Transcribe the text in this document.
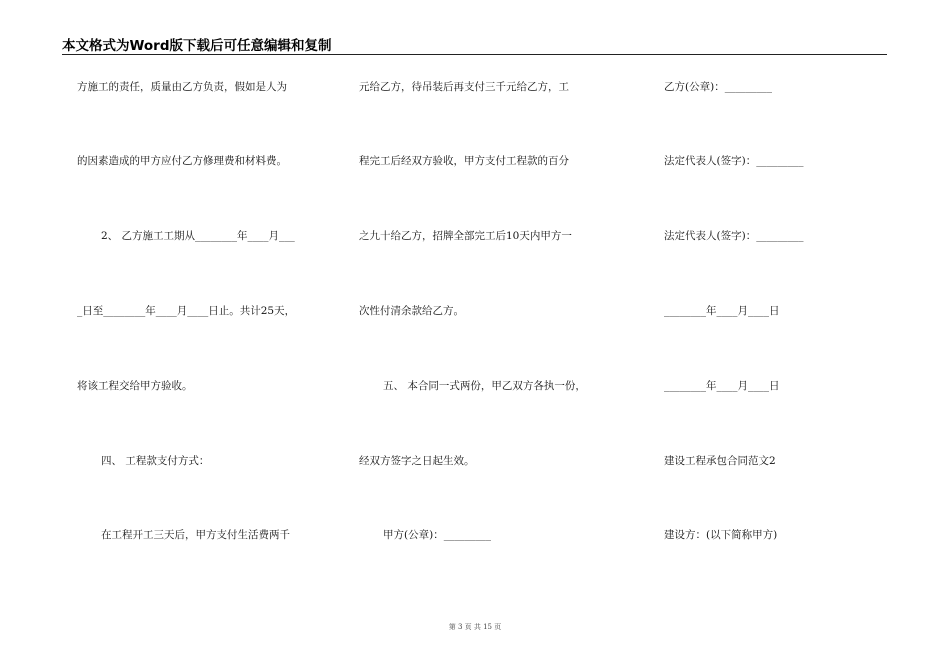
本文格式为Word版下载后可任意编辑和复制
方施工的责任，质量由乙方负责，假如是人为
的因素造成的甲方应付乙方修理费和材料费。
2、 乙方施工工期从________年____月___
_日至________年____月____日止。共计25天，
将该工程交给甲方验收。
四、 工程款支付方式：
在工程开工三天后，甲方支付生活费两千
元给乙方，待吊装后再支付三千元给乙方，工
程完工后经双方验收，甲方支付工程款的百分
之九十给乙方，招牌全部完工后10天内甲方一
次性付清余款给乙方。
五、 本合同一式两份，甲乙双方各执一份，
经双方签字之日起生效。
甲方(公章)：_________
乙方(公章)：_________
法定代表人(签字)：_________
法定代表人(签字)：_________
________年____月____日
________年____月____日
建设工程承包合同范文2
建设方：(以下简称甲方)
第 3 页 共 15 页
